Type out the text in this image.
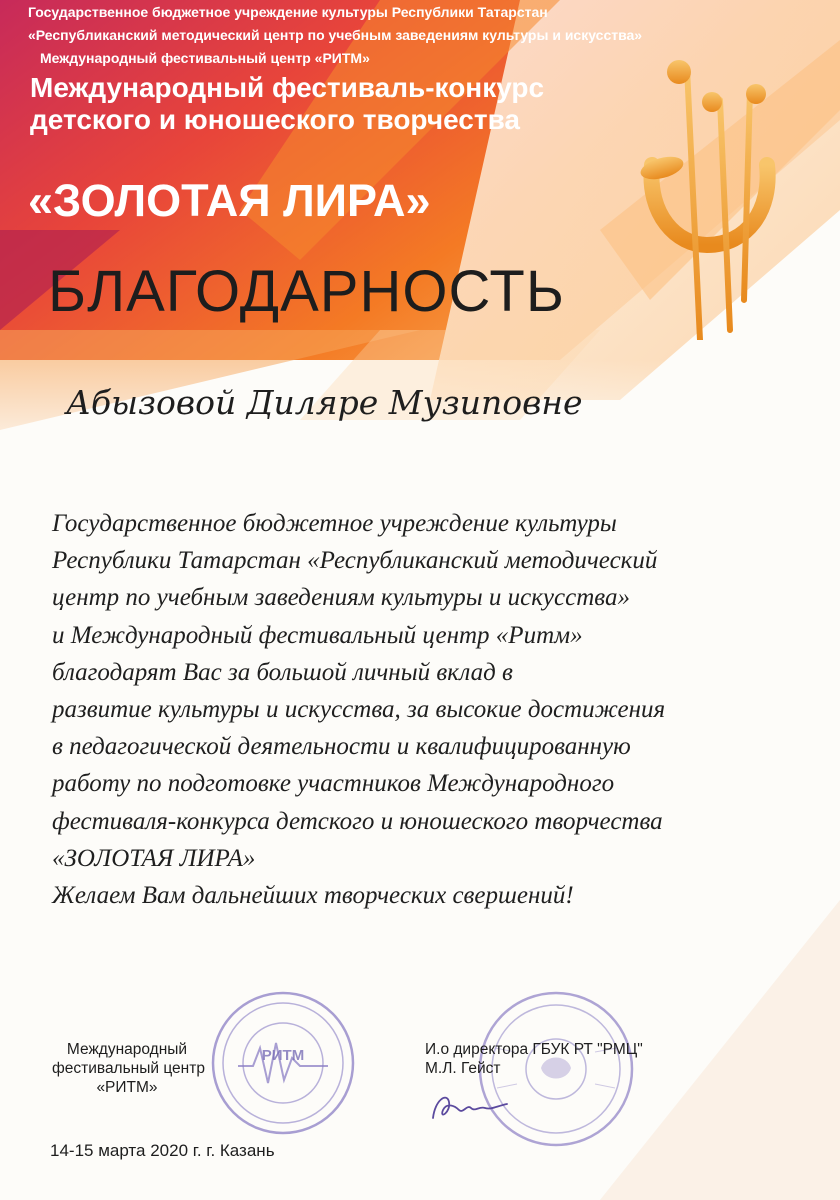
Государственное бюджетное учреждение культуры Республики Татарстан
«Республиканский методический центр по учебным заведениям культуры и искусства»
Международный фестивальный центр «РИТМ»
Международный фестиваль-конкурс
детского и юношеского творчества
«ЗОЛОТАЯ ЛИРА»
БЛАГОДАРНОСТЬ
Абызовой Диляре Музиповне
Государственное бюджетное учреждение культуры
Республики Татарстан «Республиканский методический
центр по учебным заведениям культуры и искусства»
и Международный фестивальный центр «Ритм»
благодарят Вас за большой личный вклад в
развитие культуры и искусства, за высокие достижения
в педагогической деятельности и квалифицированную
работу по подготовке участников Международного
фестиваля-конкурса детского и юношеского творчества
«ЗОЛОТАЯ ЛИРА»
Желаем Вам дальнейших творческих свершений!
РИТМ
Международный
фестивальный центр
«РИТМ»
И.о директора ГБУК РТ "РМЦ"
М.Л. Гейст
14-15 марта 2020 г. г. Казань
